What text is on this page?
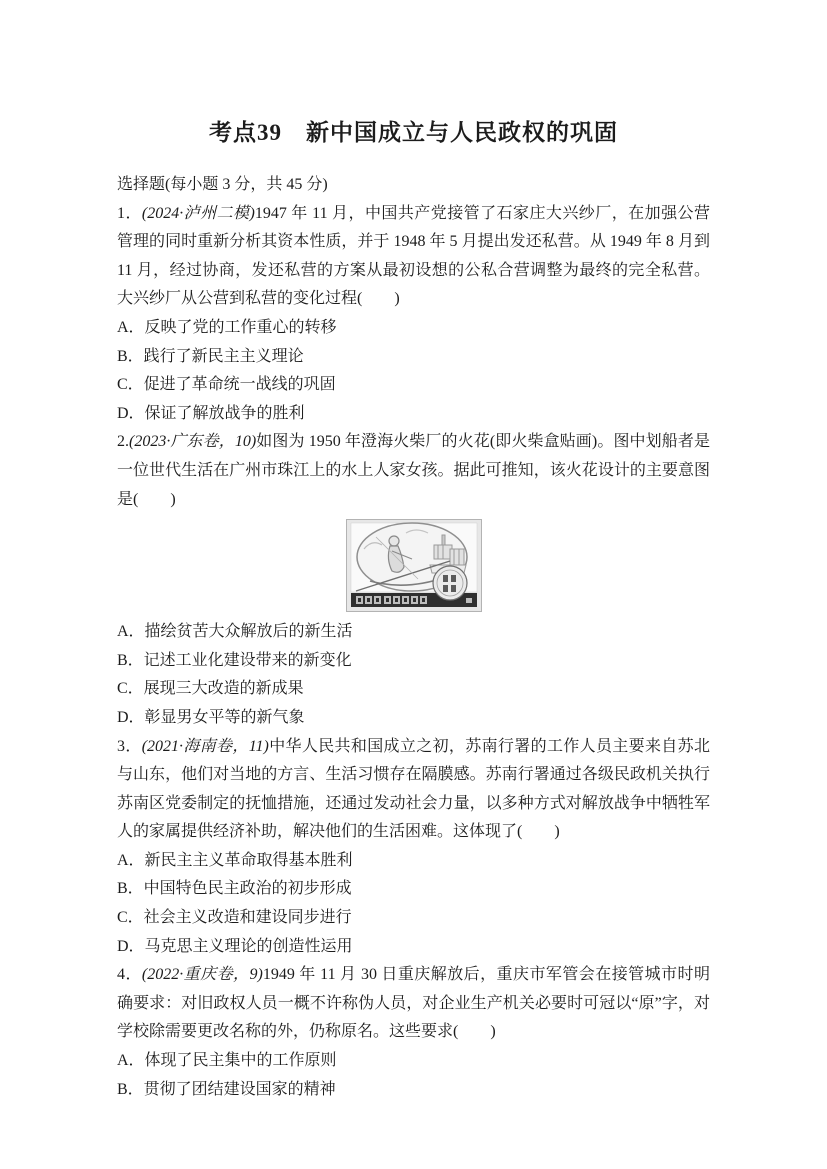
考点39　新中国成立与人民政权的巩固

选择题(每小题 3 分，共 45 分)

1．(2024·泸州二模)1947 年 11 月，中国共产党接管了石家庄大兴纱厂，在加强公营管理的同时重新分析其资本性质，并于 1948 年 5 月提出发还私营。从 1949 年 8 月到 11 月，经过协商，发还私营的方案从最初设想的公私合营调整为最终的完全私营。大兴纱厂从公营到私营的变化过程(　　)

A．反映了党的工作重心的转移

B．践行了新民主主义理论

C．促进了革命统一战线的巩固

D．保证了解放战争的胜利

2.(2023·广东卷，10)如图为 1950 年澄海火柴厂的火花(即火柴盒贴画)。图中划船者是一位世代生活在广州市珠江上的水上人家女孩。据此可推知，该火花设计的主要意图是(　　)

A．描绘贫苦大众解放后的新生活

B．记述工业化建设带来的新变化

C．展现三大改造的新成果

D．彰显男女平等的新气象

3．(2021·海南卷，11)中华人民共和国成立之初，苏南行署的工作人员主要来自苏北与山东，他们对当地的方言、生活习惯存在隔膜感。苏南行署通过各级民政机关执行苏南区党委制定的抚恤措施，还通过发动社会力量，以多种方式对解放战争中牺牲军人的家属提供经济补助，解决他们的生活困难。这体现了(　　)

A．新民主主义革命取得基本胜利

B．中国特色民主政治的初步形成

C．社会主义改造和建设同步进行

D．马克思主义理论的创造性运用

4．(2022·重庆卷，9)1949 年 11 月 30 日重庆解放后，重庆市军管会在接管城市时明确要求：对旧政权人员一概不许称伪人员，对企业生产机关必要时可冠以“原”字，对学校除需要更改名称的外，仍称原名。这些要求(　　)

A．体现了民主集中的工作原则

B．贯彻了团结建设国家的精神
